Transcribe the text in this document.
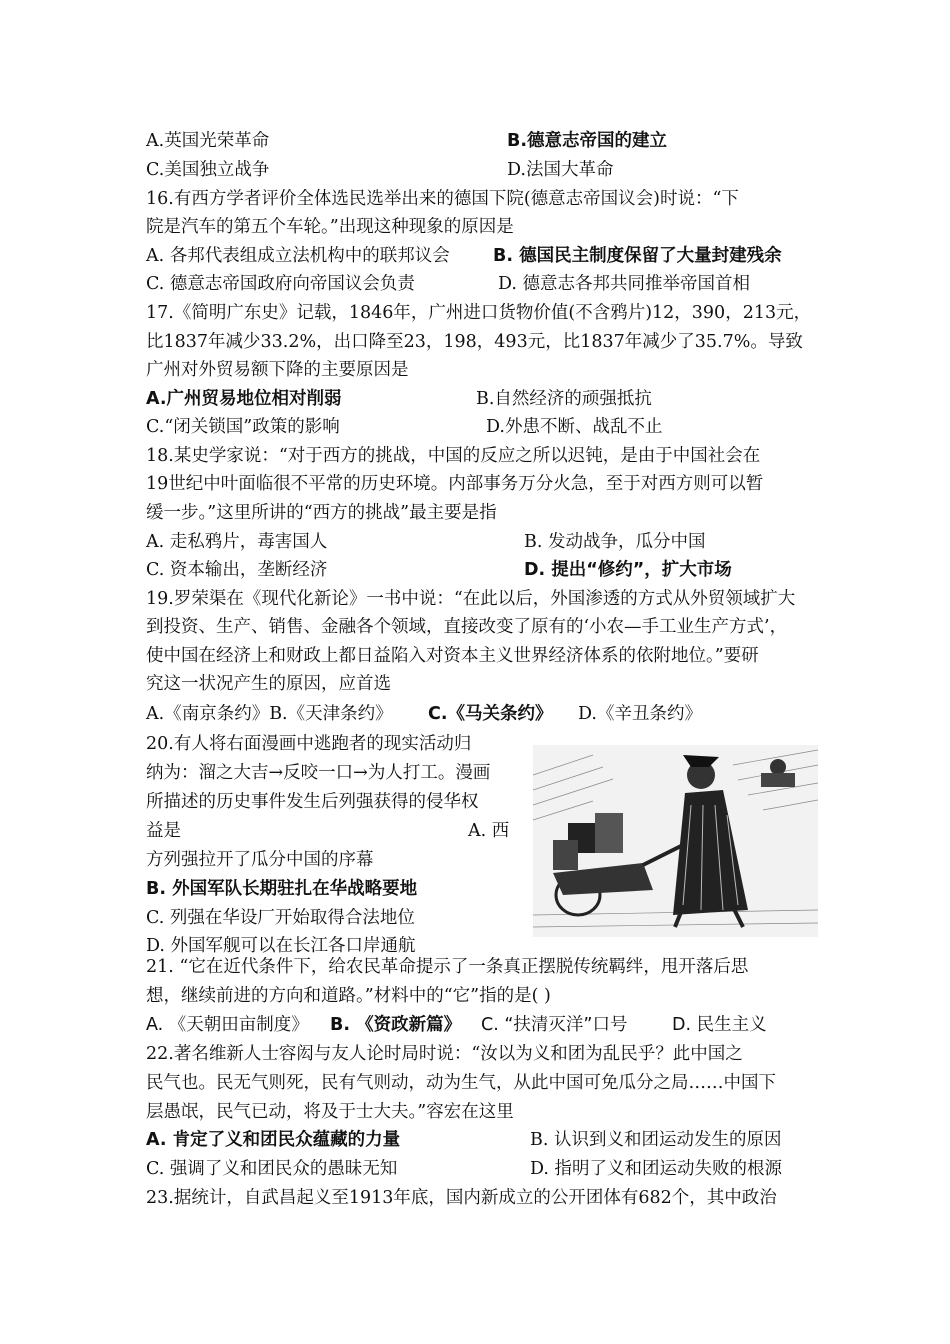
A.英国光荣革命	B.德意志帝国的建立
C.美国独立战争	D.法国大革命
16.有西方学者评价全体选民选举出来的德国下院(德意志帝国议会)时说：“下
院是汽车的第五个车轮。”出现这种现象的原因是
A. 各邦代表组成立法机构中的联邦议会 B. 德国民主制度保留了大量封建残余
C. 德意志帝国政府向帝国议会负责	D. 德意志各邦共同推举帝国首相
17.《简明广东史》记载，1846年，广州进口货物价值(不含鸦片)12，390，213元，
比1837年减少33.2%，出口降至23，198，493元，比1837年减少了35.7%。导致
广州对外贸易额下降的主要原因是
A.广州贸易地位相对削弱	B.自然经济的顽强抵抗
C.“闭关锁国”政策的影响	D.外患不断、战乱不止
18.某史学家说：“对于西方的挑战，中国的反应之所以迟钝，是由于中国社会在
19世纪中叶面临很不平常的历史环境。内部事务万分火急，至于对西方则可以暂
缓一步。”这里所讲的“西方的挑战”最主要是指
A. 走私鸦片，毒害国人	B. 发动战争，瓜分中国
C. 资本输出，垄断经济	D. 提出“修约”，扩大市场
19.罗荣渠在《现代化新论》一书中说：“在此以后，外国渗透的方式从外贸领域扩大
到投资、生产、销售、金融各个领域，直接改变了原有的‘小农—手工业生产方式’，
使中国在经济上和财政上都日益陷入对资本主义世界经济体系的依附地位。”要研
究这一状况产生的原因，应首选
A.《南京条约》B.《天津条约》 C.《马关条约》 D.《辛丑条约》
20.有人将右面漫画中逃跑者的现实活动归
纳为：溜之大吉→反咬一口→为人打工。漫画
所描述的历史事件发生后列强获得的侵华权
益是	A. 西
方列强拉开了瓜分中国的序幕
B. 外国军队长期驻扎在华战略要地
C. 列强在华设厂开始取得合法地位
D. 外国军舰可以在长江各口岸通航
21. “它在近代条件下，给农民革命提示了一条真正摆脱传统羁绊，甩开落后思
想，继续前进的方向和道路。”材料中的“它”指的是( )
A. 《天朝田亩制度》 B. 《资政新篇》 C. “扶清灭洋”口号	D. 民生主义
22.著名维新人士容闳与友人论时局时说：“汝以为义和团为乱民乎？此中国之
民气也。民无气则死，民有气则动，动为生气，从此中国可免瓜分之局……中国下
层愚氓，民气已动，将及于士大夫。”容宏在这里
A. 肯定了义和团民众蕴藏的力量	B. 认识到义和团运动发生的原因
C. 强调了义和团民众的愚昧无知	D. 指明了义和团运动失败的根源
23.据统计，自武昌起义至1913年底，国内新成立的公开团体有682个，其中政治
